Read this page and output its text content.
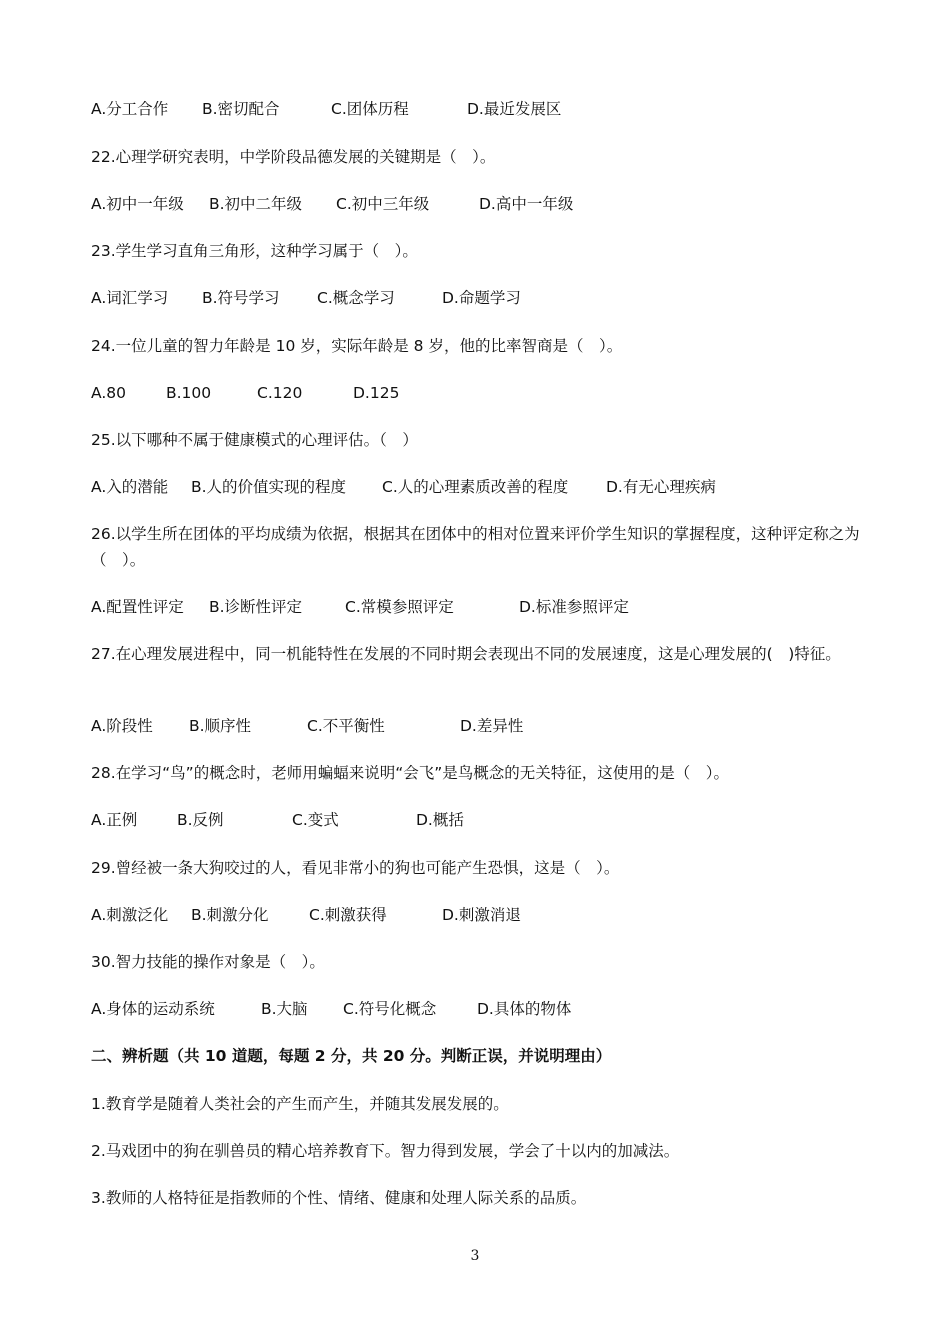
A.分工合作 B.密切配合	C.团体历程	D.最近发展区
22.心理学研究表明，中学阶段品德发展的关键期是（　）。
A.初中一年级 B.初中二年级 C.初中三年级	D.高中一年级
23.学生学习直角三角形，这种学习属于（　）。
A.词汇学习 B.符号学习 C.概念学习	D.命题学习
24.一位儿童的智力年龄是 10 岁，实际年龄是 8 岁，他的比率智商是（　）。
A.80	B.100	C.120	D.125
25.以下哪种不属于健康模式的心理评估。（　）
A.入的潜能 B.人的价值实现的程度 C.人的心理素质改善的程度 D.有无心理疾病
26.以学生所在团体的平均成绩为依据，根据其在团体中的相对位置来评价学生知识的掌握程度，这种评定称之为（　）。
A.配置性评定 B.诊断性评定	C.常模参照评定	D.标准参照评定
27.在心理发展进程中，同一机能特性在发展的不同时期会表现出不同的发展速度，这是心理发展的(　)特征。
A.阶段性 B.顺序性	C.不平衡性	D.差异性
28.在学习“鸟”的概念时，老师用蝙蝠来说明“会飞”是鸟概念的无关特征，这使用的是（　）。
A.正例	B.反例	C.变式	D.概括
29.曾经被一条大狗咬过的人，看见非常小的狗也可能产生恐惧，这是（　）。
A.刺激泛化 B.刺激分化	C.刺激获得	D.刺激消退
30.智力技能的操作对象是（　）。
A.身体的运动系统	B.大脑 C.符号化概念	D.具体的物体
二、辨析题（共 10 道题，每题 2 分，共 20 分。判断正误，并说明理由）
1.教育学是随着人类社会的产生而产生，并随其发展发展的。
2.马戏团中的狗在驯兽员的精心培养教育下。智力得到发展，学会了十以内的加减法。
3.教师的人格特征是指教师的个性、情绪、健康和处理人际关系的品质。
3
